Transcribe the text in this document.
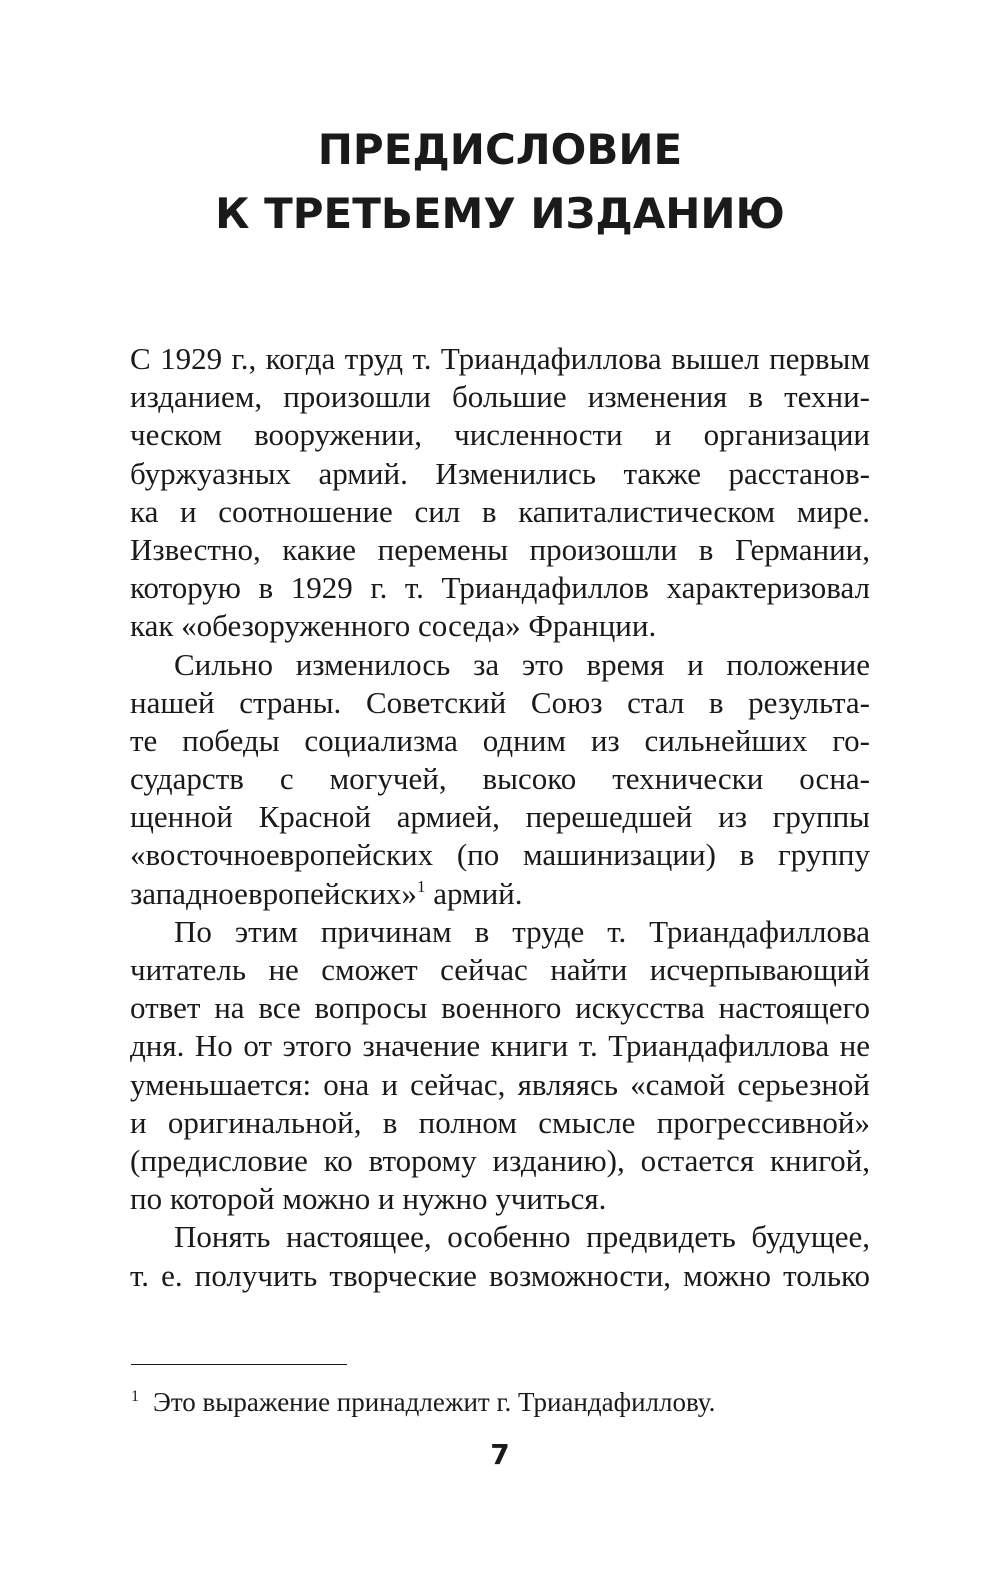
ПРЕДИСЛОВИЕ
К ТРЕТЬЕМУ ИЗДАНИЮ
С 1929 г., когда труд т. Триандафиллова вышел первым
изданием, произошли большие изменения в техни-
ческом вооружении, численности и организации
буржуазных армий. Изменились также расстанов-
ка и соотношение сил в капиталистическом мире.
Известно, какие перемены произошли в Германии,
которую в 1929 г. т. Триандафиллов характеризовал
как «обезоруженного соседа» Франции.
Сильно изменилось за это время и положение
нашей страны. Советский Союз стал в результа-
те победы социализма одним из сильнейших го-
сударств с могучей, высоко технически осна-
щенной Красной армией, перешедшей из группы
«восточноевропейских (по машинизации) в группу
западноевропейских»$^1$ армий.
По этим причинам в труде т. Триандафиллова
читатель не сможет сейчас найти исчерпывающий
ответ на все вопросы военного искусства настоящего
дня. Но от этого значение книги т. Триандафиллова не
уменьшается: она и сейчас, являясь «самой серьезной
и оригинальной, в полном смысле прогрессивной»
(предисловие ко второму изданию), остается книгой,
по которой можно и нужно учиться.
Понять настоящее, особенно предвидеть будущее,
т. е. получить творческие возможности, можно только
$^1$ Это выражение принадлежит г. Триандафиллову.
7
